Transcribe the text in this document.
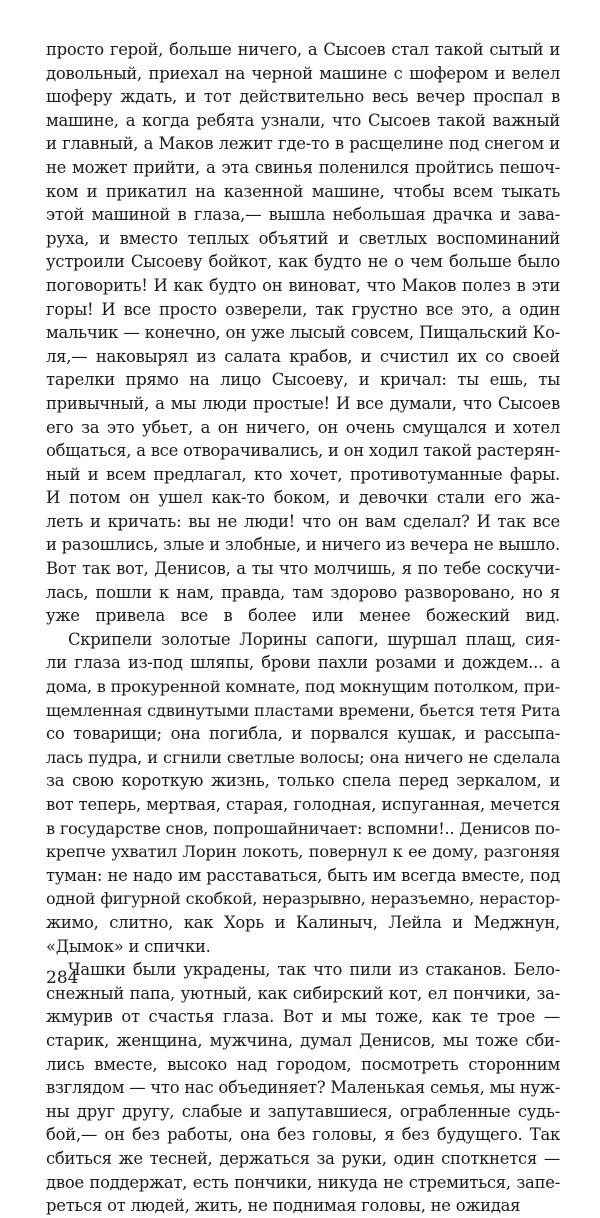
просто герой, больше ничего, а Сысоев стал такой сытый и
довольный, приехал на черной машине с шофером и велел
шоферу ждать, и тот действительно весь вечер проспал в
машине, а когда ребята узнали, что Сысоев такой важный
и главный, а Маков лежит где-то в расщелине под снегом и
не может прийти, а эта свинья поленился пройтись пешоч-
ком и прикатил на казенной машине, чтобы всем тыкать
этой машиной в глаза,— вышла небольшая драчка и зава-
руха, и вместо теплых объятий и светлых воспоминаний
устроили Сысоеву бойкот, как будто не о чем больше было
поговорить! И как будто он виноват, что Маков полез в эти
горы! И все просто озверели, так грустно все это, а один
мальчик — конечно, он уже лысый совсем, Пищальский Ко-
ля,— наковырял из салата крабов, и счистил их со своей
тарелки прямо на лицо Сысоеву, и кричал: ты ешь, ты
привычный, а мы люди простые! И все думали, что Сысоев
его за это убьет, а он ничего, он очень смущался и хотел
общаться, а все отворачивались, и он ходил такой растерян-
ный и всем предлагал, кто хочет, противотуманные фары.
И потом он ушел как-то боком, и девочки стали его жа-
леть и кричать: вы не люди! что он вам сделал? И так все
и разошлись, злые и злобные, и ничего из вечера не вышло.
Вот так вот, Денисов, а ты что молчишь, я по тебе соскучи-
лась, пошли к нам, правда, там здорово разворовано, но я
уже привела все в более или менее божеский вид.
Скрипели золотые Лорины сапоги, шуршал плащ, сия-
ли глаза из-под шляпы, брови пахли розами и дождем... а
дома, в прокуренной комнате, под мокнущим потолком, при-
щемленная сдвинутыми пластами времени, бьется тетя Рита
со товарищи; она погибла, и порвался кушак, и рассыпа-
лась пудра, и сгнили светлые волосы; она ничего не сделала
за свою короткую жизнь, только спела перед зеркалом, и
вот теперь, мертвая, старая, голодная, испуганная, мечется
в государстве снов, попрошайничает: вспомни!.. Денисов по-
крепче ухватил Лорин локоть, повернул к ее дому, разгоняя
туман: не надо им расставаться, быть им всегда вместе, под
одной фигурной скобкой, неразрывно, неразъемно, нерастор-
жимо, слитно, как Хорь и Калиныч, Лейла и Меджнун,
«Дымок» и спички.
Чашки были украдены, так что пили из стаканов. Бело-
снежный папа, уютный, как сибирский кот, ел пончики, за-
жмурив от счастья глаза. Вот и мы тоже, как те трое —
старик, женщина, мужчина, думал Денисов, мы тоже сби-
лись вместе, высоко над городом, посмотреть сторонним
взглядом — что нас объединяет? Маленькая семья, мы нуж-
ны друг другу, слабые и запутавшиеся, ограбленные судь-
бой,— он без работы, она без головы, я без будущего. Так
сбиться же тесней, держаться за руки, один споткнется —
двое поддержат, есть пончики, никуда не стремиться, запе-
реться от людей, жить, не поднимая головы, не ожидая
284
